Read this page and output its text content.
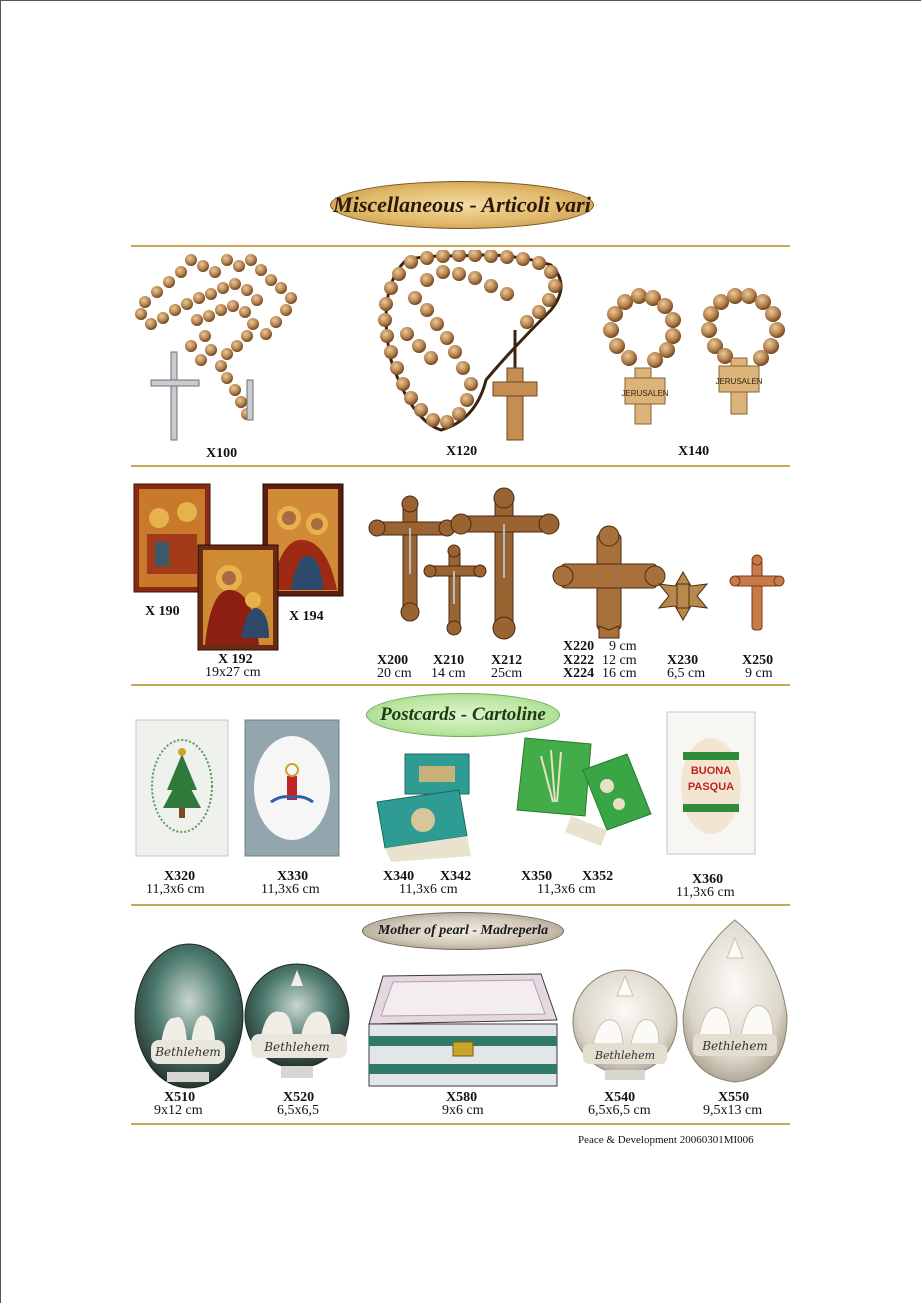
Miscellaneous - Articoli vari
JERUSALEN
JERUSALEN
X100	X120	X140
X 190	X 194
X 192
19x27 cm
X200
20 cm
X210
14 cm
X212
25cm
X220 9 cm
X222 12 cm
X224 16 cm
X230
6,5 cm
X250
9 cm
Postcards - Cartoline
BUONA
PASQUA
X320
11,3x6 cm
X330
11,3x6 cm
X340 X342
11,3x6 cm
X350 X352
11,3x6 cm
X360
11,3x6 cm
Mother of pearl - Madreperla
Bethlehem	Bethlehem
Bethlehem
Bethlehem
X510
9x12 cm
X520
6,5x6,5
X580
9x6 cm
X540
6,5x6,5 cm
X550
9,5x13 cm
Peace & Development 20060301MI006
